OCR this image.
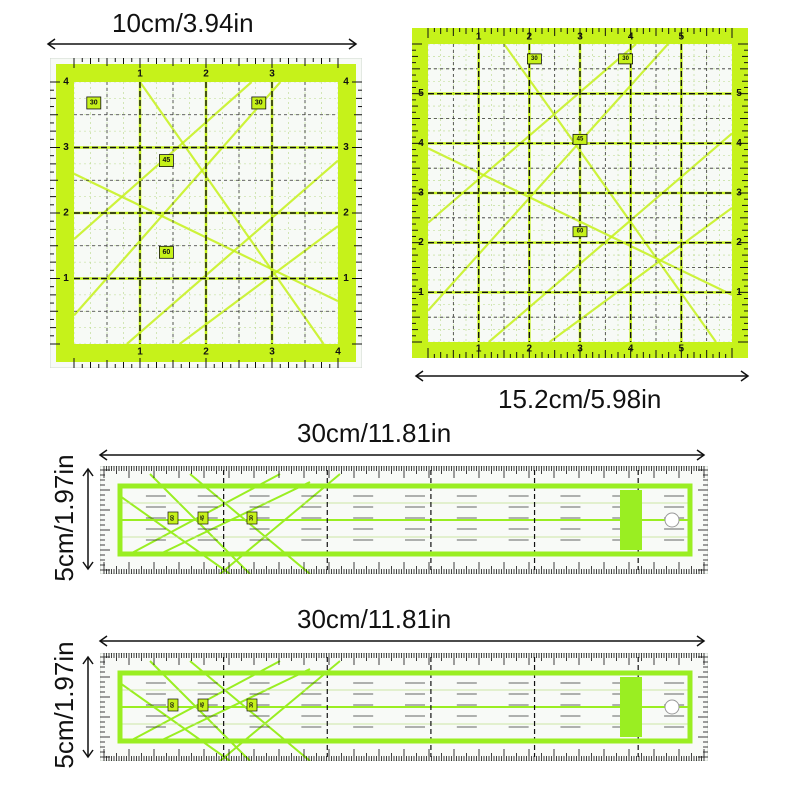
10cm/3.94in
15.2cm/5.98in
30cm/11.81in
30cm/11.81in
5cm/1.97in
5cm/1.97in
1	2	3
1	2	3	4
4
3
2
1
4
3
2
1
30	30
45
60
1	2	3	4	5
1	2	3	4	5
5
4
3
2
1
5
4
3
2
1
30	30
45
60
60	45	30
60	45	30
